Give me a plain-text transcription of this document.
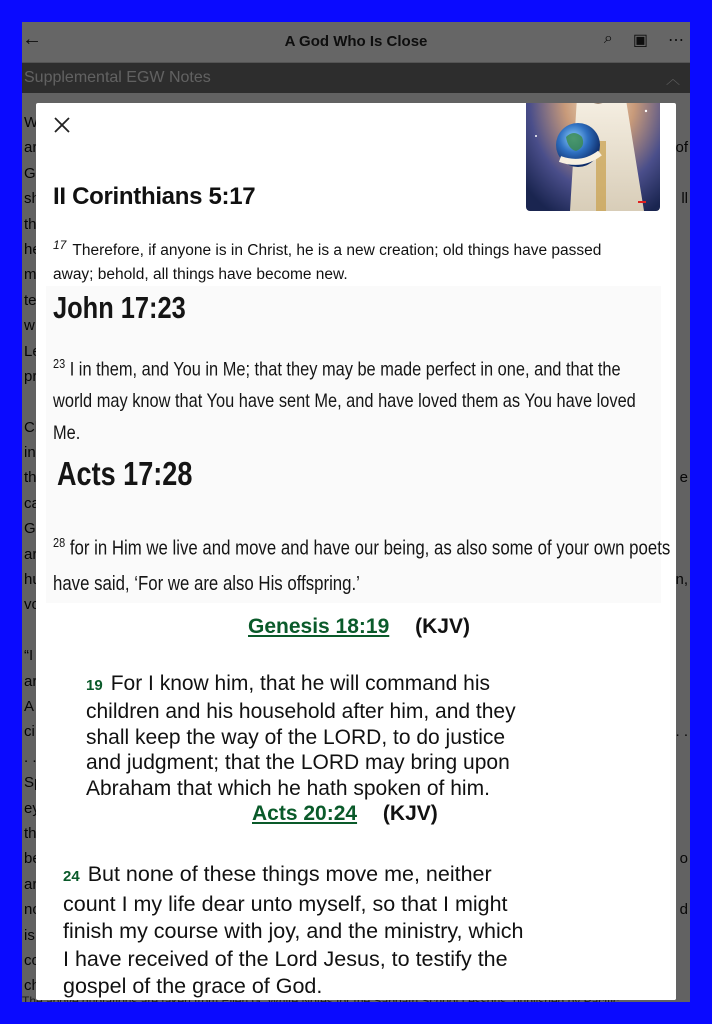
II Corinthians 5:17
$^{17}$ Therefore, if anyone is in Christ, he is a new creation; old things have passed away; behold, all things have become new.
John 17:23
$^{23}$ I in them, and You in Me; that they may be made perfect in one, and that the
world may know that You have sent Me, and have loved them as You have loved
Me.
Acts 17:28
$^{28}$ for in Him we live and move and have our being, as also some of your own poets
have said, ‘For we are also His offspring.’
Genesis 18:19 (KJV)
19 For I know him, that he will command his
children and his household after him, and they
shall keep the way of the LORD, to do justice
and judgment; that the LORD may bring upon
Abraham that which he hath spoken of him.
Acts 20:24 (KJV)
24 But none of these things move me, neither
count I my life dear unto myself, so that I might
finish my course with joy, and the ministry, which
I have received of the Lord Jesus, to testify the
gospel of the grace of God.
